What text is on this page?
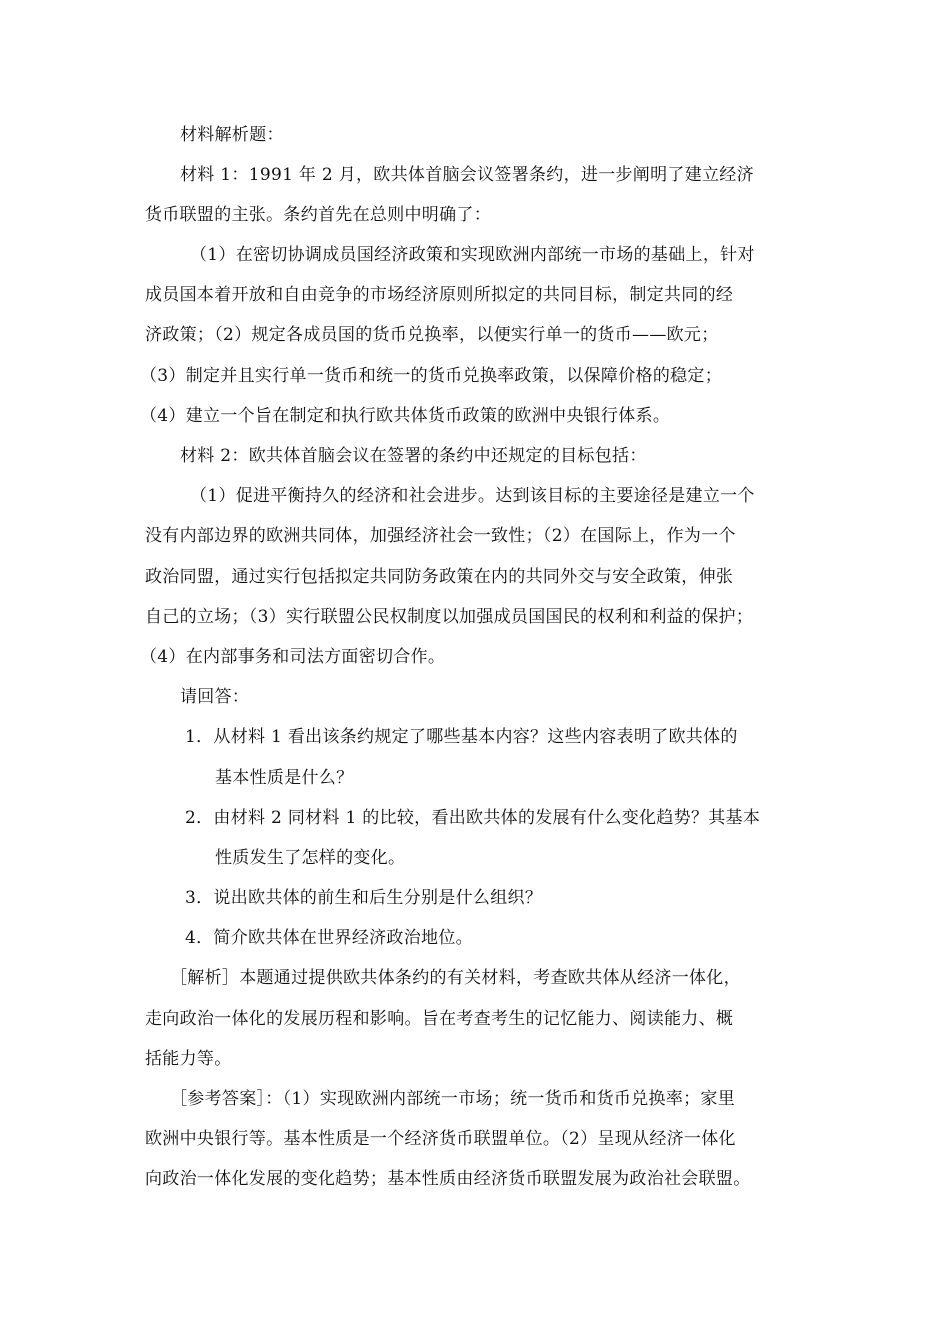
材料解析题：
材料 1：1991 年 2 月，欧共体首脑会议签署条约，进一步阐明了建立经济
货币联盟的主张。条约首先在总则中明确了：
（1）在密切协调成员国经济政策和实现欧洲内部统一市场的基础上，针对
成员国本着开放和自由竞争的市场经济原则所拟定的共同目标，制定共同的经
济政策；（2）规定各成员国的货币兑换率，以便实行单一的货币——欧元；
（3）制定并且实行单一货币和统一的货币兑换率政策，以保障价格的稳定；
（4）建立一个旨在制定和执行欧共体货币政策的欧洲中央银行体系。
材料 2：欧共体首脑会议在签署的条约中还规定的目标包括：
（1）促进平衡持久的经济和社会进步。达到该目标的主要途径是建立一个
没有内部边界的欧洲共同体，加强经济社会一致性；（2）在国际上，作为一个
政治同盟，通过实行包括拟定共同防务政策在内的共同外交与安全政策，伸张
自己的立场；（3）实行联盟公民权制度以加强成员国国民的权利和利益的保护；
（4）在内部事务和司法方面密切合作。
请回答：
1．从材料 1 看出该条约规定了哪些基本内容？这些内容表明了欧共体的
基本性质是什么？
2．由材料 2 同材料 1 的比较，看出欧共体的发展有什么变化趋势？其基本
性质发生了怎样的变化。
3．说出欧共体的前生和后生分别是什么组织？
4．简介欧共体在世界经济政治地位。
［解析］本题通过提供欧共体条约的有关材料，考查欧共体从经济一体化，
走向政治一体化的发展历程和影响。旨在考查考生的记忆能力、阅读能力、概
括能力等。
［参考答案］：（1）实现欧洲内部统一市场；统一货币和货币兑换率；家里
欧洲中央银行等。基本性质是一个经济货币联盟单位。（2）呈现从经济一体化
向政治一体化发展的变化趋势；基本性质由经济货币联盟发展为政治社会联盟。
